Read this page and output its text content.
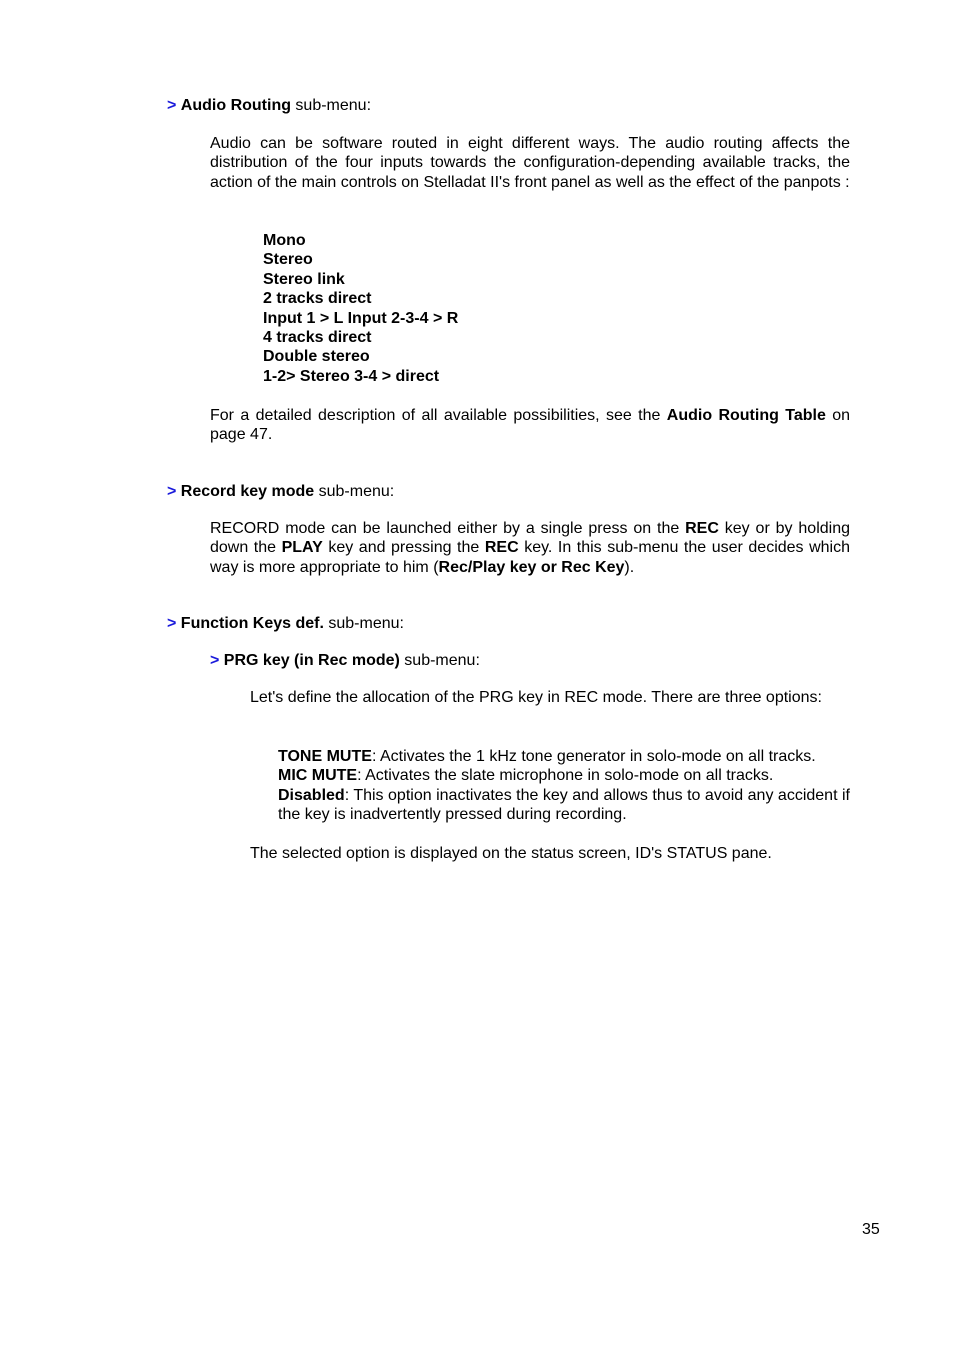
> Audio Routing sub-menu:
Audio can be software routed in eight different ways. The audio routing affects the distribution of the four inputs towards the configuration-depending available tracks, the action of the main controls on Stelladat II's front panel as well as the effect of the panpots :
Mono
Stereo
Stereo link
2 tracks direct
Input 1 > L Input 2-3-4 > R
4 tracks direct
Double stereo
1-2> Stereo 3-4 > direct
For a detailed description of all available possibilities, see the Audio Routing Table on page 47.
> Record key mode sub-menu:
RECORD mode can be launched either by a single press on the REC key or by holding down the PLAY key and pressing the REC key. In this sub-menu the user decides which way is more appropriate to him (Rec/Play key or Rec Key).
> Function Keys def. sub-menu:
> PRG key (in Rec mode) sub-menu:
Let's define the allocation of the PRG key in REC mode. There are three options:
TONE MUTE: Activates the 1 kHz tone generator in solo-mode on all tracks.
MIC MUTE: Activates the slate microphone in solo-mode on all tracks.
Disabled: This option inactivates the key and allows thus to avoid any accident if the key is inadvertently pressed during recording.
The selected option is displayed on the status screen, ID's STATUS pane.
35
